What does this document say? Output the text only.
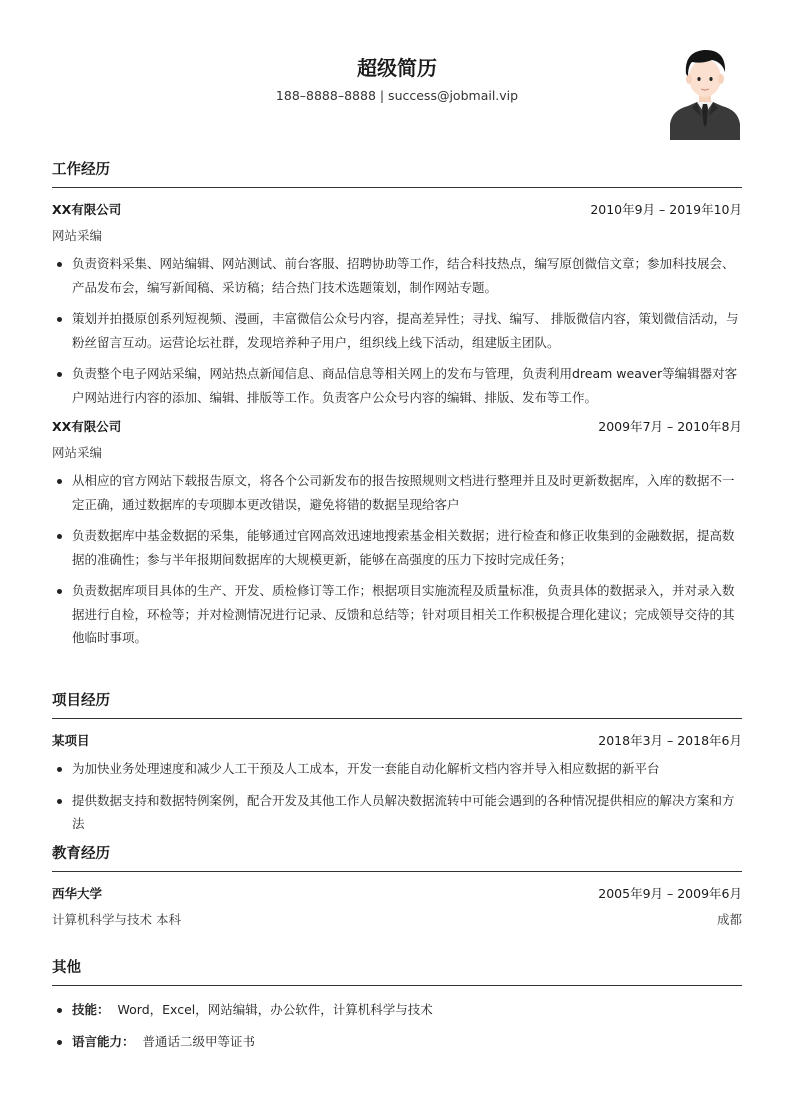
超级简历
188–8888–8888 | success@jobmail.vip
工作经历
XX有限公司	2010年9月 – 2019年10月
网站采编
负责资料采集、网站编辑、网站测试、前台客服、招聘协助等工作，结合科技热点，编写原创微信文章；参加科技展会、产品发布会，编写新闻稿、采访稿；结合热门技术选题策划，制作网站专题。
策划并拍摄原创系列短视频、漫画，丰富微信公众号内容，提高差异性；寻找、编写、 排版微信内容，策划微信活动，与粉丝留言互动。运营论坛社群，发现培养种子用户，组织线上线下活动，组建版主团队。
负责整个电子网站采编，网站热点新闻信息、商品信息等相关网上的发布与管理，负责利用dream weaver等编辑器对客户网站进行内容的添加、编辑、排版等工作。负责客户公众号内容的编辑、排版、发布等工作。
XX有限公司	2009年7月 – 2010年8月
网站采编
从相应的官方网站下载报告原文，将各个公司新发布的报告按照规则文档进行整理并且及时更新数据库，入库的数据不一定正确，通过数据库的专项脚本更改错误，避免将错的数据呈现给客户
负责数据库中基金数据的采集，能够通过官网高效迅速地搜索基金相关数据；进行检查和修正收集到的金融数据，提高数据的准确性；参与半年报期间数据库的大规模更新，能够在高强度的压力下按时完成任务；
负责数据库项目具体的生产、开发、质检修订等工作；根据项目实施流程及质量标准，负责具体的数据录入，并对录入数据进行自检，环检等；并对检测情况进行记录、反馈和总结等；针对项目相关工作积极提合理化建议；完成领导交待的其他临时事项。
项目经历
某项目	2018年3月 – 2018年6月
为加快业务处理速度和减少人工干预及人工成本，开发一套能自动化解析文档内容并导入相应数据的新平台
提供数据支持和数据特例案例，配合开发及其他工作人员解决数据流转中可能会遇到的各种情况提供相应的解决方案和方法
教育经历
西华大学	2005年9月 – 2009年6月
计算机科学与技术 本科	成都
其他
技能： Word，Excel，网站编辑，办公软件，计算机科学与技术
语言能力： 普通话二级甲等证书
